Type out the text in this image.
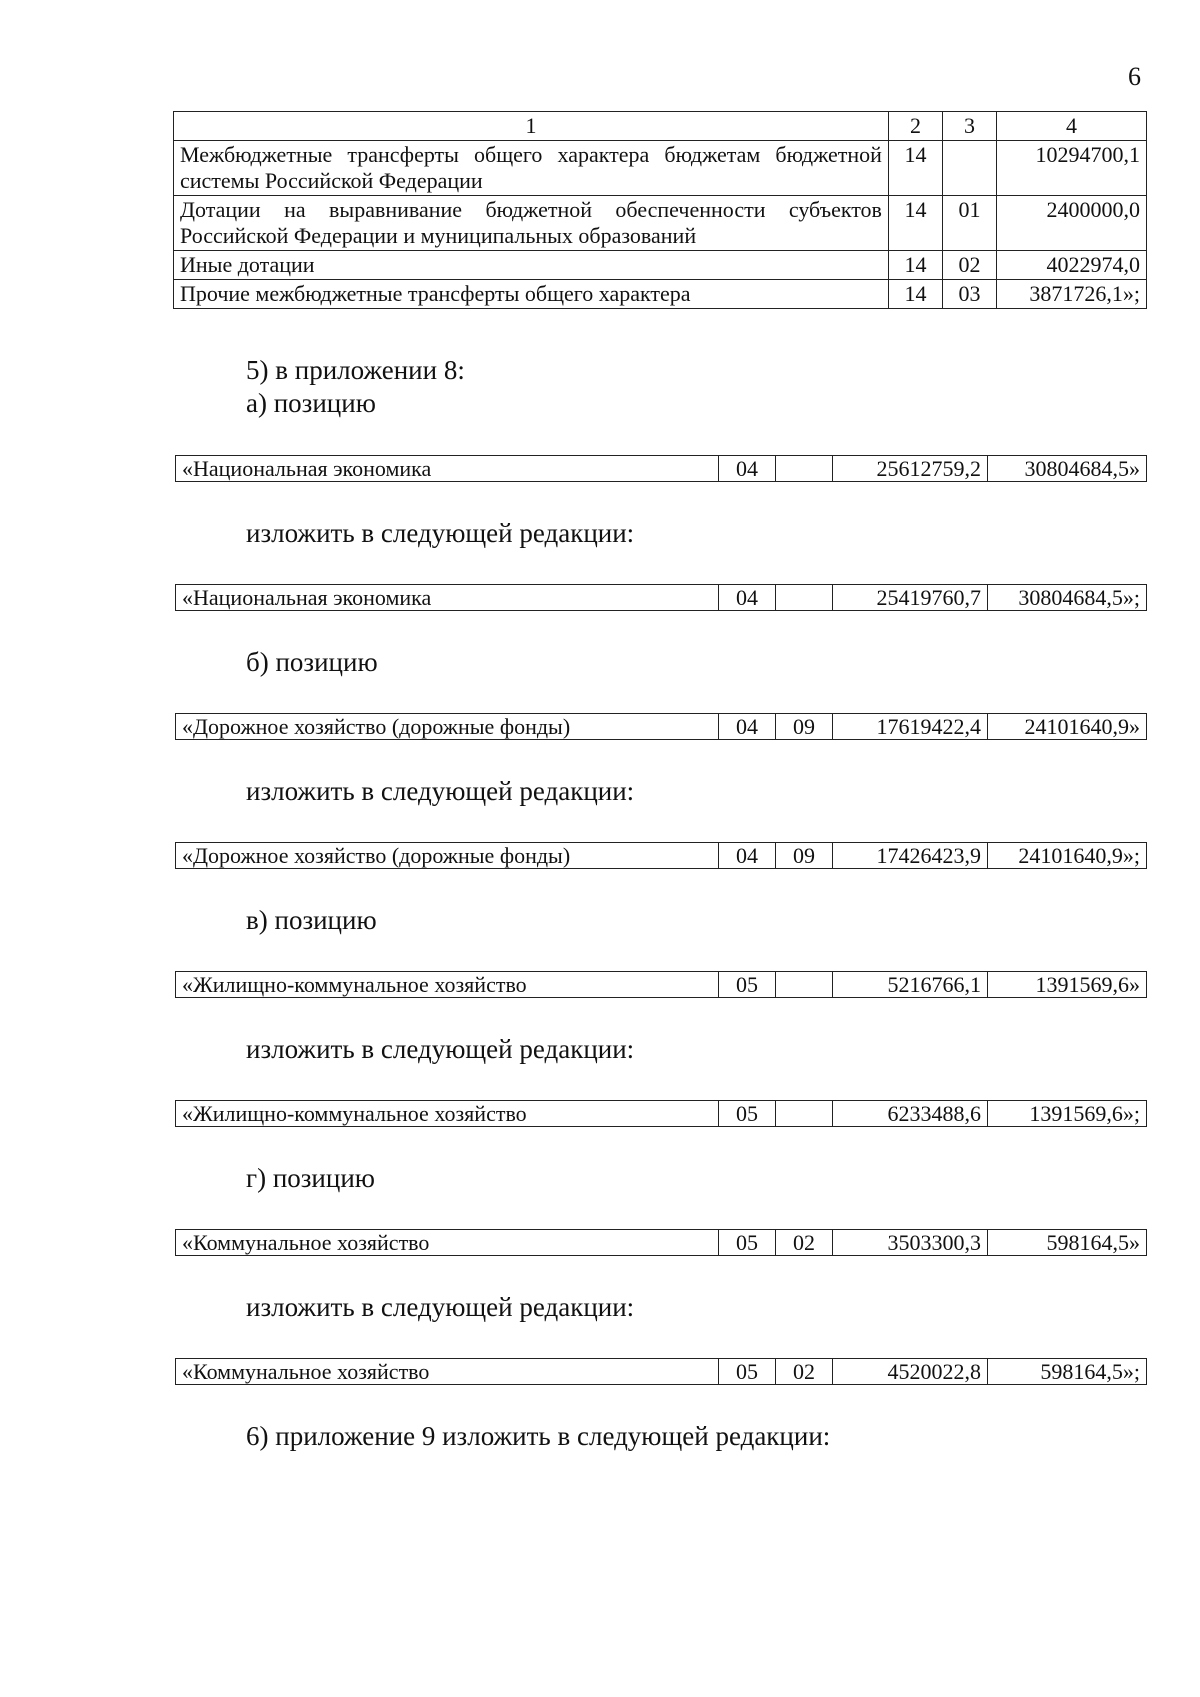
6
1	2	3	4
Межбюджетные трансферты общего характера бюджетам бюджетной системы Российской Федерации	14		10294700,1
Дотации на выравнивание бюджетной обеспеченности субъектов Российской Федерации и муниципальных образований	14	01	2400000,0
Иные дотации	14	02	4022974,0
Прочие межбюджетные трансферты общего характера	14	03	3871726,1»;
5) в приложении 8:
а) позицию
«Национальная экономика	04		25612759,2	30804684,5»
изложить в следующей редакции:
«Национальная экономика	04		25419760,7	30804684,5»;
б) позицию
«Дорожное хозяйство (дорожные фонды)	04	09	17619422,4	24101640,9»
изложить в следующей редакции:
«Дорожное хозяйство (дорожные фонды)	04	09	17426423,9	24101640,9»;
в) позицию
«Жилищно-коммунальное хозяйство	05		5216766,1	1391569,6»
изложить в следующей редакции:
«Жилищно-коммунальное хозяйство	05		6233488,6	1391569,6»;
г) позицию
«Коммунальное хозяйство	05	02	3503300,3	598164,5»
изложить в следующей редакции:
«Коммунальное хозяйство	05	02	4520022,8	598164,5»;
6) приложение 9 изложить в следующей редакции:
